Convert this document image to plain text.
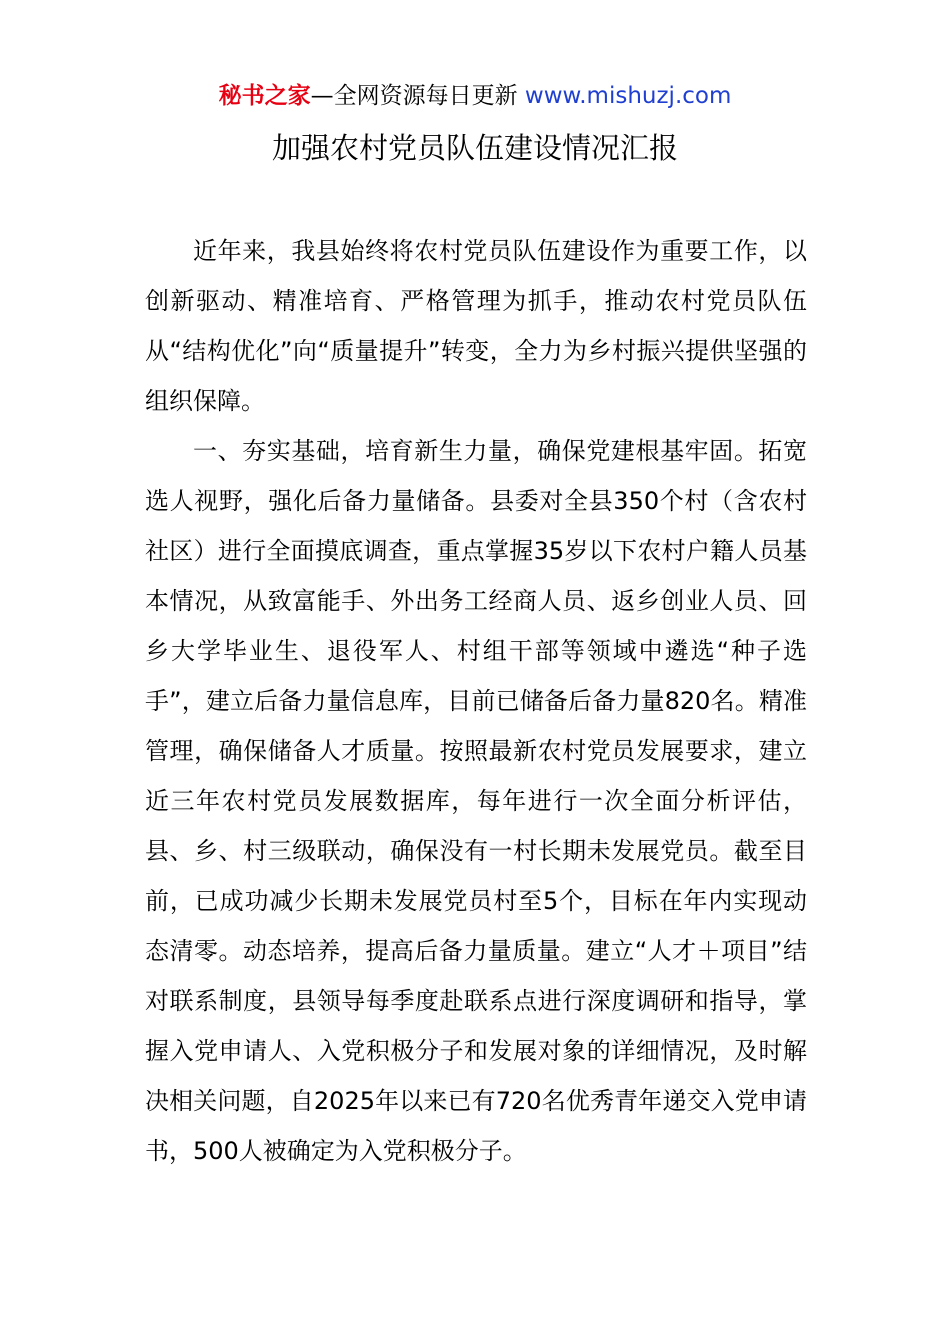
秘书之家—全网资源每日更新 www.mishuzj.com
加强农村党员队伍建设情况汇报

近年来，我县始终将农村党员队伍建设作为重要工作，以创新驱动、精准培育、严格管理为抓手，推动农村党员队伍从“结构优化”向“质量提升”转变，全力为乡村振兴提供坚强的组织保障。

一、夯实基础，培育新生力量，确保党建根基牢固。拓宽选人视野，强化后备力量储备。县委对全县350个村（含农村社区）进行全面摸底调查，重点掌握35岁以下农村户籍人员基本情况，从致富能手、外出务工经商人员、返乡创业人员、回乡大学毕业生、退役军人、村组干部等领域中遴选“种子选手”，建立后备力量信息库，目前已储备后备力量820名。精准管理，确保储备人才质量。按照最新农村党员发展要求，建立近三年农村党员发展数据库，每年进行一次全面分析评估，县、乡、村三级联动，确保没有一村长期未发展党员。截至目前，已成功减少长期未发展党员村至5个，目标在年内实现动态清零。动态培养，提高后备力量质量。建立“人才＋项目”结对联系制度，县领导每季度赴联系点进行深度调研和指导，掌握入党申请人、入党积极分子和发展对象的详细情况，及时解决相关问题，自2025年以来已有720名优秀青年递交入党申请书，500人被确定为入党积极分子。
